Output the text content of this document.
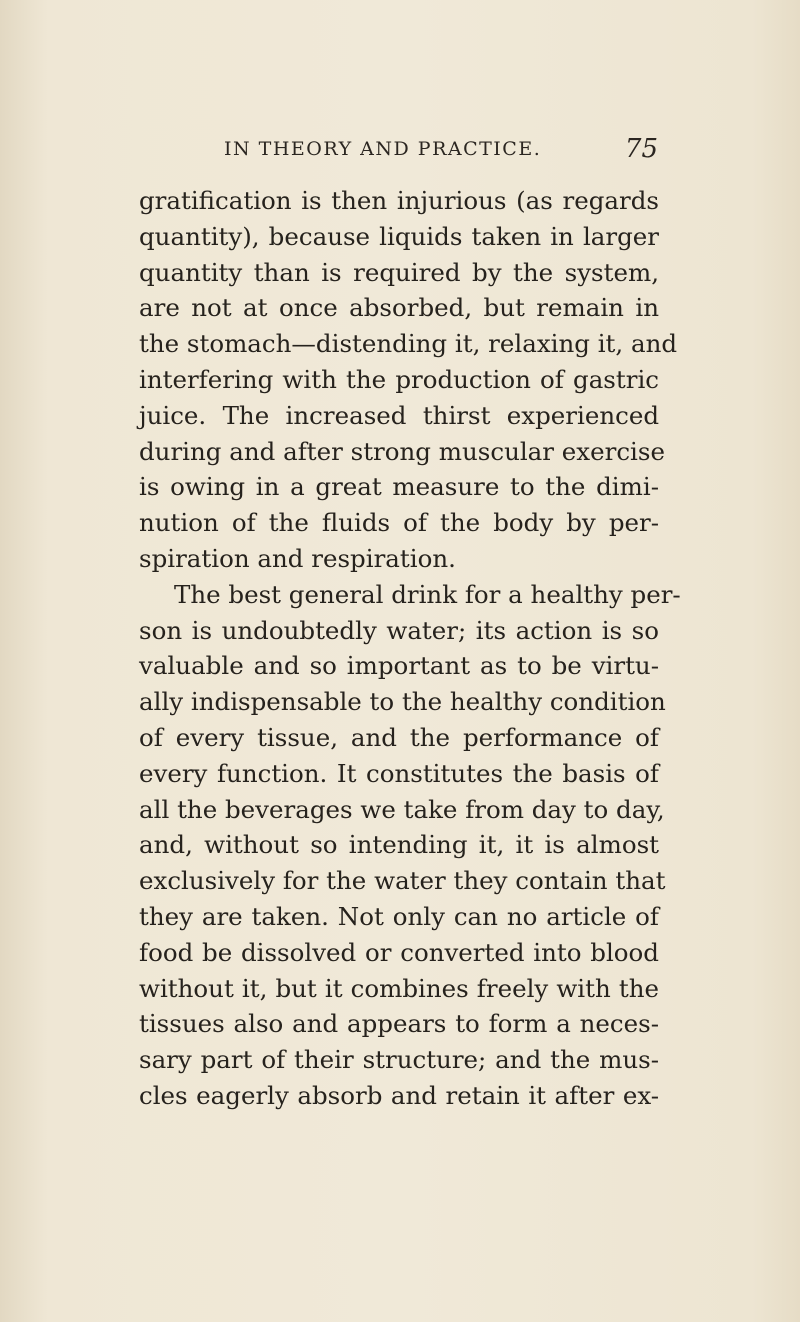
IN THEORY AND PRACTICE.	75
gratification is then injurious (as regards
quantity), because liquids taken in larger
quantity than is required by the system,
are not at once absorbed, but remain in
the stomach—distending it, relaxing it, and
interfering with the production of gastric
juice. The increased thirst experienced
during and after strong muscular exercise
is owing in a great measure to the dimi-
nution of the fluids of the body by per-
spiration and respiration.
The best general drink for a healthy per-
son is undoubtedly water; its action is so
valuable and so important as to be virtu-
ally indispensable to the healthy condition
of every tissue, and the performance of
every function. It constitutes the basis of
all the beverages we take from day to day,
and, without so intending it, it is almost
exclusively for the water they contain that
they are taken. Not only can no article of
food be dissolved or converted into blood
without it, but it combines freely with the
tissues also and appears to form a neces-
sary part of their structure; and the mus-
cles eagerly absorb and retain it after ex-
